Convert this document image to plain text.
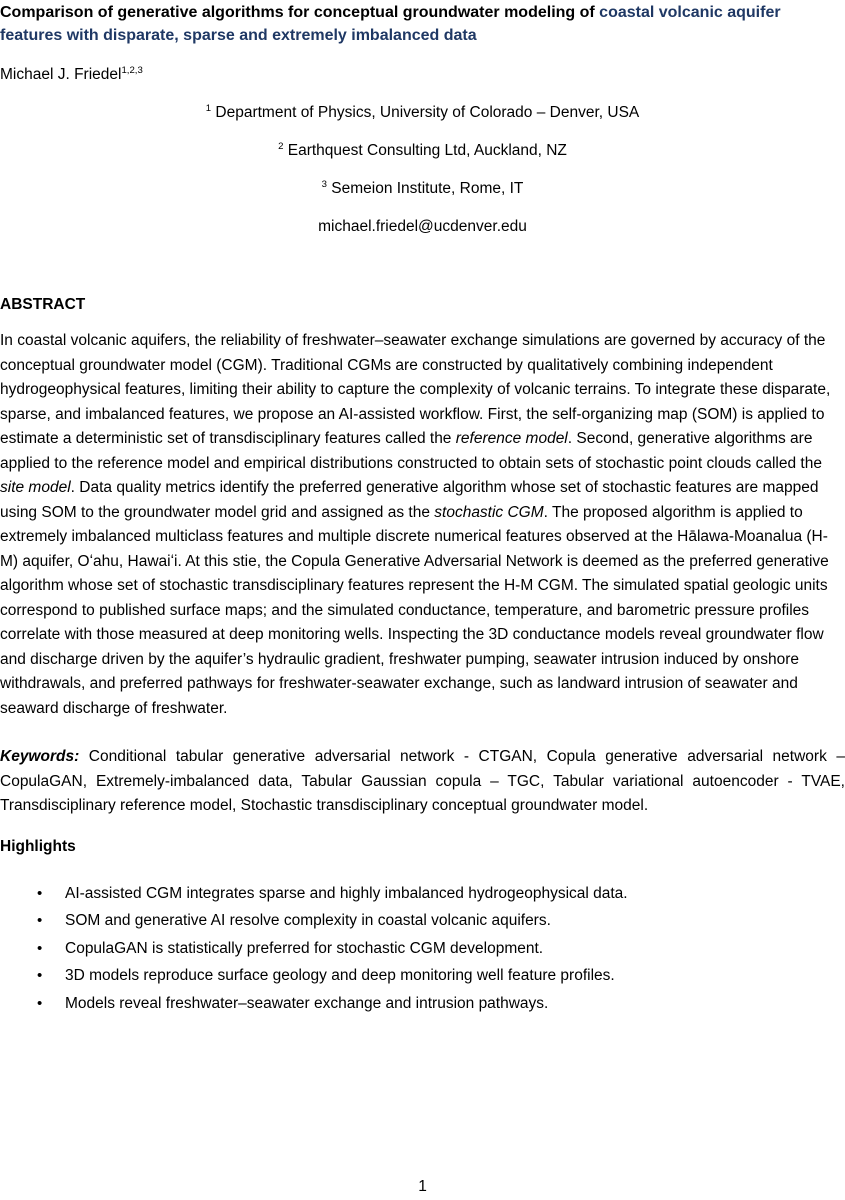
Comparison of generative algorithms for conceptual groundwater modeling of coastal volcanic aquifer features with disparate, sparse and extremely imbalanced data

Michael J. Friedel$^{1,2,3}$

$^1$ Department of Physics, University of Colorado – Denver, USA

$^2$ Earthquest Consulting Ltd, Auckland, NZ

$^3$ Semeion Institute, Rome, IT

michael.friedel@ucdenver.edu

ABSTRACT

In coastal volcanic aquifers, the reliability of freshwater–seawater exchange simulations are governed by accuracy of the conceptual groundwater model (CGM). Traditional CGMs are constructed by qualitatively combining independent hydrogeophysical features, limiting their ability to capture the complexity of volcanic terrains. To integrate these disparate, sparse, and imbalanced features, we propose an AI-assisted workflow. First, the self-organizing map (SOM) is applied to estimate a deterministic set of transdisciplinary features called the reference model. Second, generative algorithms are applied to the reference model and empirical distributions constructed to obtain sets of stochastic point clouds called the site model. Data quality metrics identify the preferred generative algorithm whose set of stochastic features are mapped using SOM to the groundwater model grid and assigned as the stochastic CGM. The proposed algorithm is applied to extremely imbalanced multiclass features and multiple discrete numerical features observed at the Hālawa-Moanalua (H-M) aquifer, Oʻahu, Hawaiʻi. At this stie, the Copula Generative Adversarial Network is deemed as the preferred generative algorithm whose set of stochastic transdisciplinary features represent the H-M CGM. The simulated spatial geologic units correspond to published surface maps; and the simulated conductance, temperature, and barometric pressure profiles correlate with those measured at deep monitoring wells. Inspecting the 3D conductance models reveal groundwater flow and discharge driven by the aquifer’s hydraulic gradient, freshwater pumping, seawater intrusion induced by onshore withdrawals, and preferred pathways for freshwater-seawater exchange, such as landward intrusion of seawater and seaward discharge of freshwater.

Keywords: Conditional tabular generative adversarial network - CTGAN, Copula generative adversarial network – CopulaGAN, Extremely-imbalanced data, Tabular Gaussian copula – TGC, Tabular variational autoencoder - TVAE, Transdisciplinary reference model, Stochastic transdisciplinary conceptual groundwater model.

Highlights

•
AI-assisted CGM integrates sparse and highly imbalanced hydrogeophysical data.
•
SOM and generative AI resolve complexity in coastal volcanic aquifers.
•
CopulaGAN is statistically preferred for stochastic CGM development.
•
3D models reproduce surface geology and deep monitoring well feature profiles.
•
Models reveal freshwater–seawater exchange and intrusion pathways.
1
